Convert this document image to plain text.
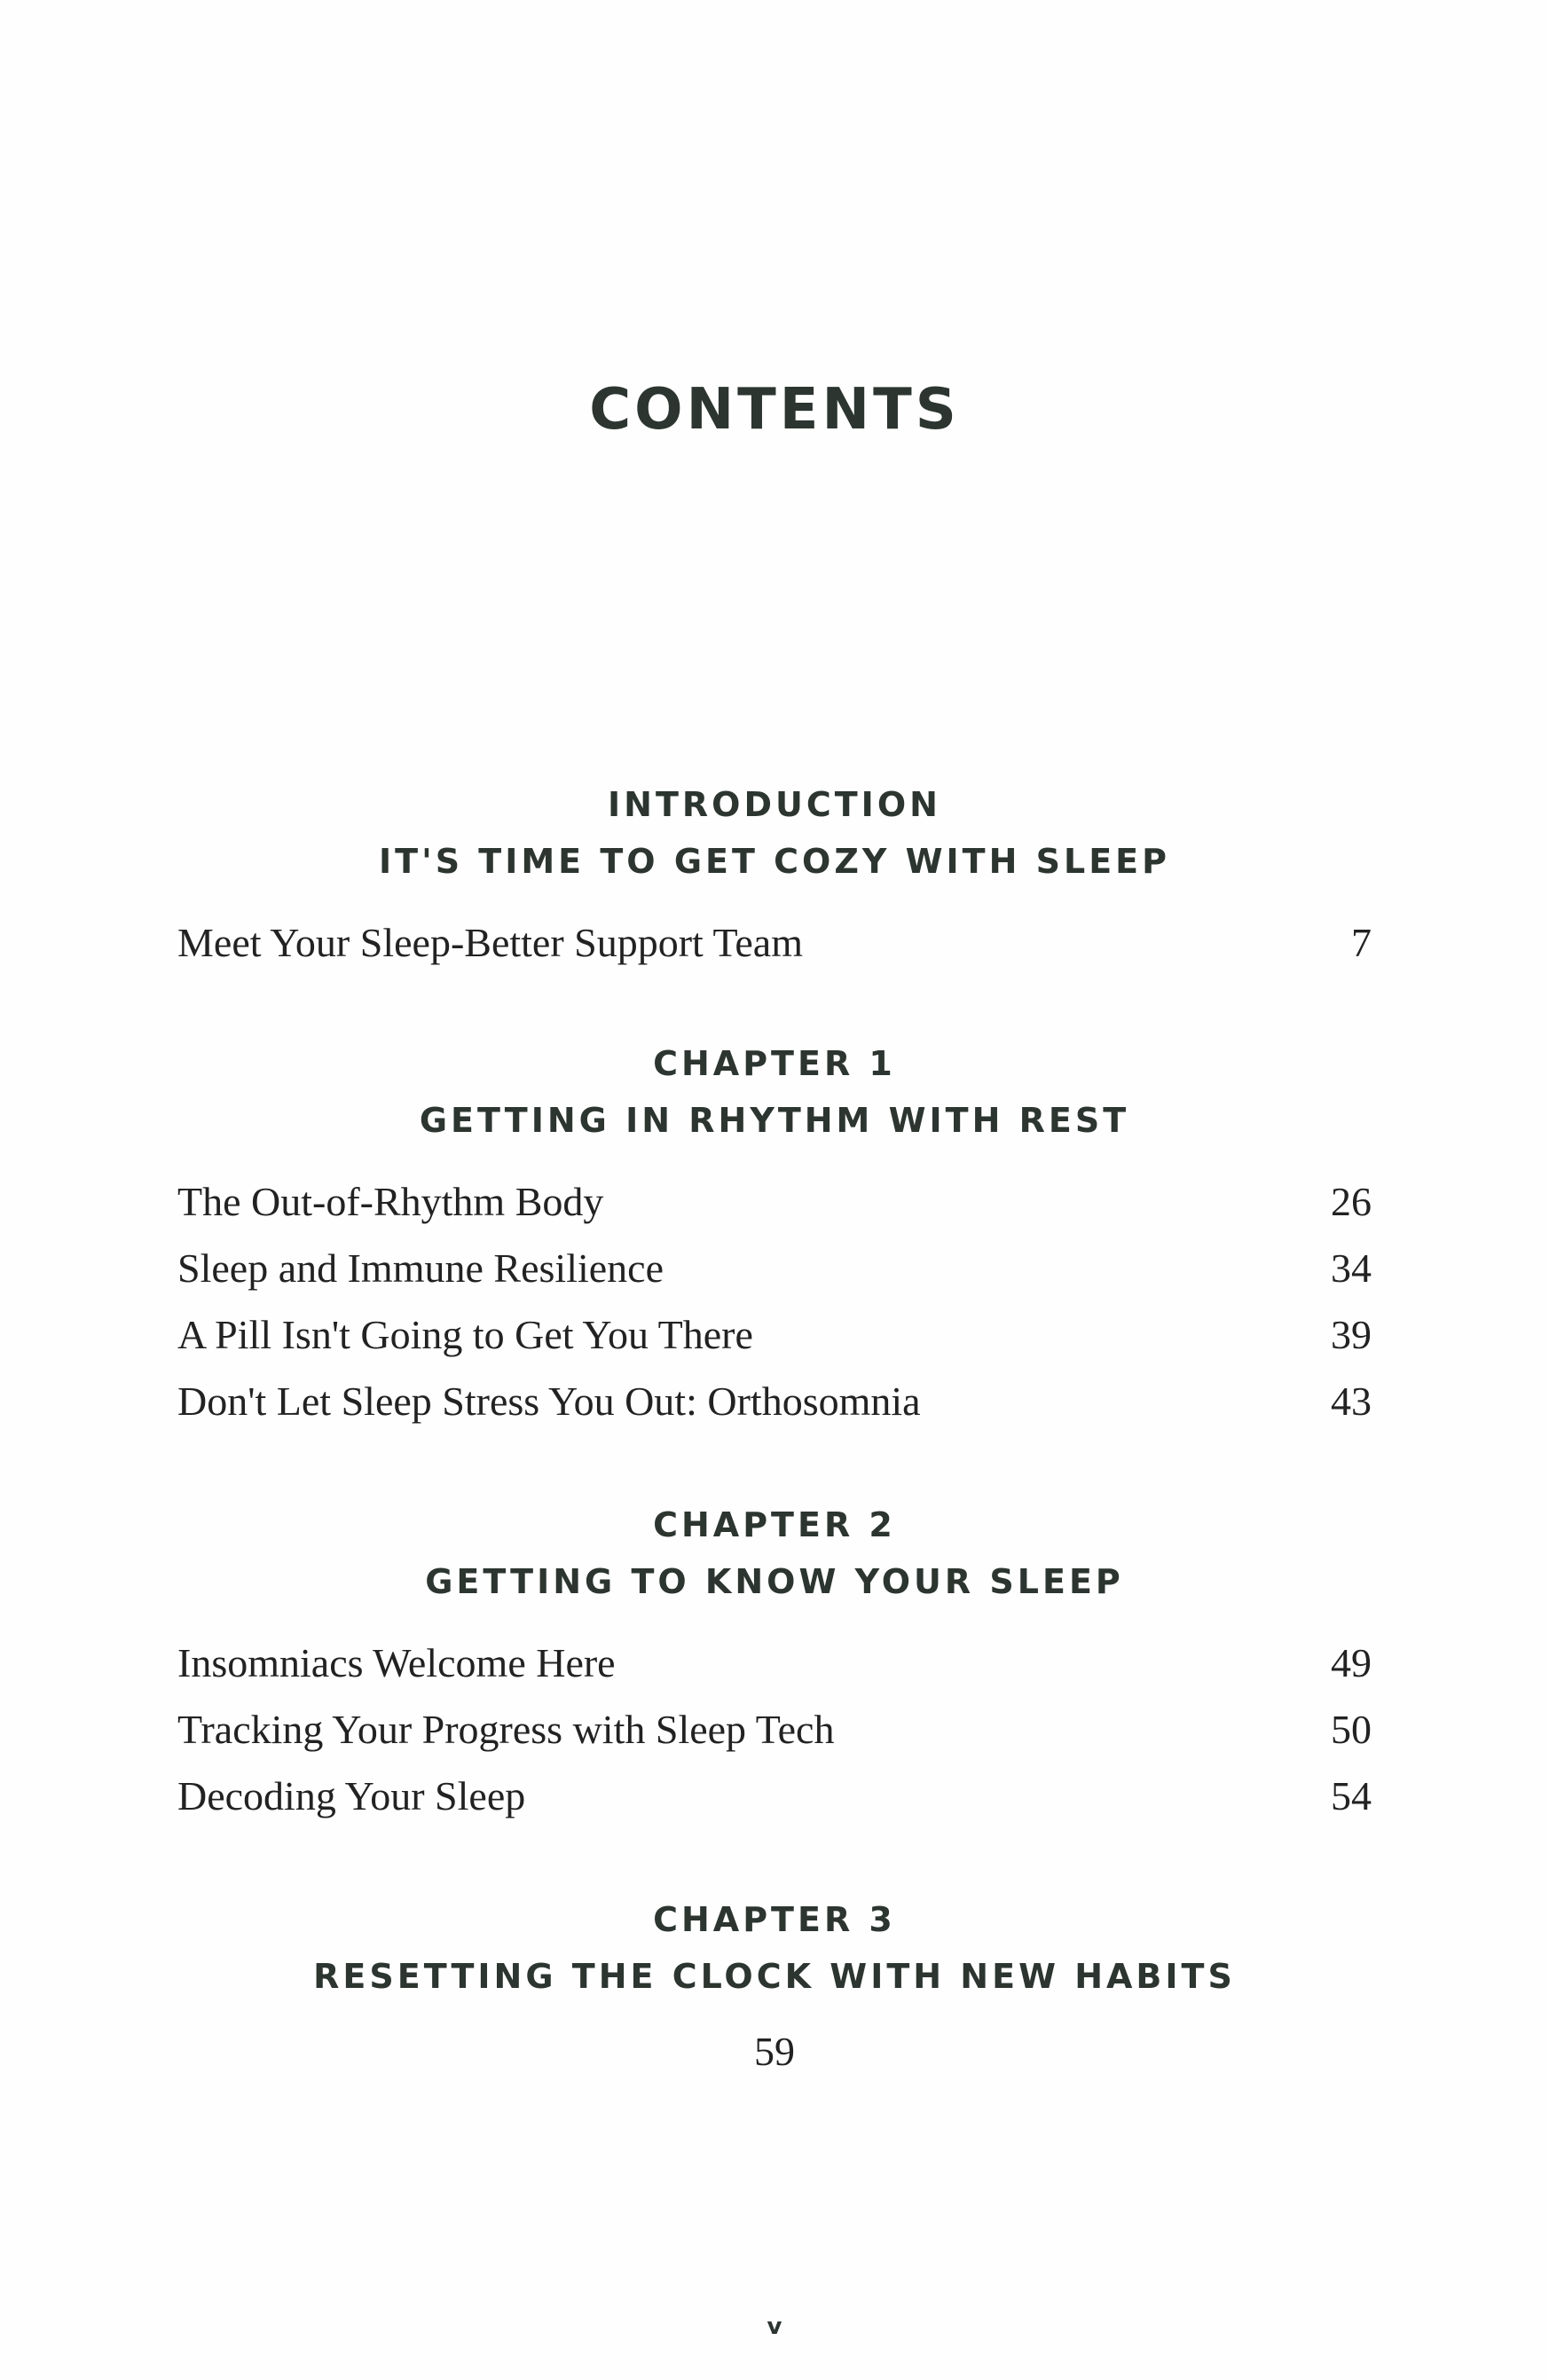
CONTENTS
INTRODUCTION
IT'S TIME TO GET COZY WITH SLEEP
Meet Your Sleep-Better Support Team	7
CHAPTER 1
GETTING IN RHYTHM WITH REST
The Out-of-Rhythm Body	26
Sleep and Immune Resilience	34
A Pill Isn't Going to Get You There	39
Don't Let Sleep Stress You Out: Orthosomnia	43
CHAPTER 2
GETTING TO KNOW YOUR SLEEP
Insomniacs Welcome Here	49
Tracking Your Progress with Sleep Tech	50
Decoding Your Sleep	54
CHAPTER 3
RESETTING THE CLOCK WITH NEW HABITS
59
v
